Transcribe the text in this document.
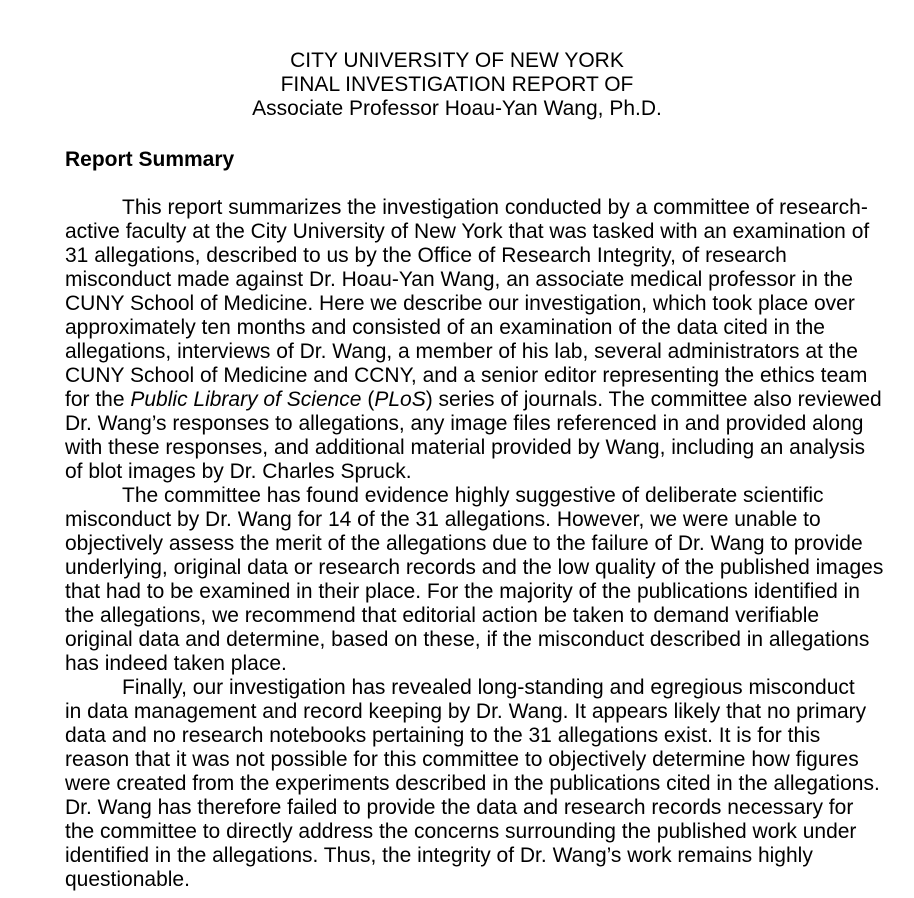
CITY UNIVERSITY OF NEW YORK
FINAL INVESTIGATION REPORT OF
Associate Professor Hoau-Yan Wang, Ph.D.
Report Summary
This report summarizes the investigation conducted by a committee of research-
active faculty at the City University of New York that was tasked with an examination of
31 allegations, described to us by the Office of Research Integrity, of research
misconduct made against Dr. Hoau-Yan Wang, an associate medical professor in the
CUNY School of Medicine. Here we describe our investigation, which took place over
approximately ten months and consisted of an examination of the data cited in the
allegations, interviews of Dr. Wang, a member of his lab, several administrators at the
CUNY School of Medicine and CCNY, and a senior editor representing the ethics team
for the Public Library of Science (PLoS) series of journals. The committee also reviewed
Dr. Wang’s responses to allegations, any image files referenced in and provided along
with these responses, and additional material provided by Wang, including an analysis
of blot images by Dr. Charles Spruck.
The committee has found evidence highly suggestive of deliberate scientific
misconduct by Dr. Wang for 14 of the 31 allegations. However, we were unable to
objectively assess the merit of the allegations due to the failure of Dr. Wang to provide
underlying, original data or research records and the low quality of the published images
that had to be examined in their place. For the majority of the publications identified in
the allegations, we recommend that editorial action be taken to demand verifiable
original data and determine, based on these, if the misconduct described in allegations
has indeed taken place.
Finally, our investigation has revealed long-standing and egregious misconduct
in data management and record keeping by Dr. Wang. It appears likely that no primary
data and no research notebooks pertaining to the 31 allegations exist. It is for this
reason that it was not possible for this committee to objectively determine how figures
were created from the experiments described in the publications cited in the allegations.
Dr. Wang has therefore failed to provide the data and research records necessary for
the committee to directly address the concerns surrounding the published work under
identified in the allegations. Thus, the integrity of Dr. Wang’s work remains highly
questionable.
